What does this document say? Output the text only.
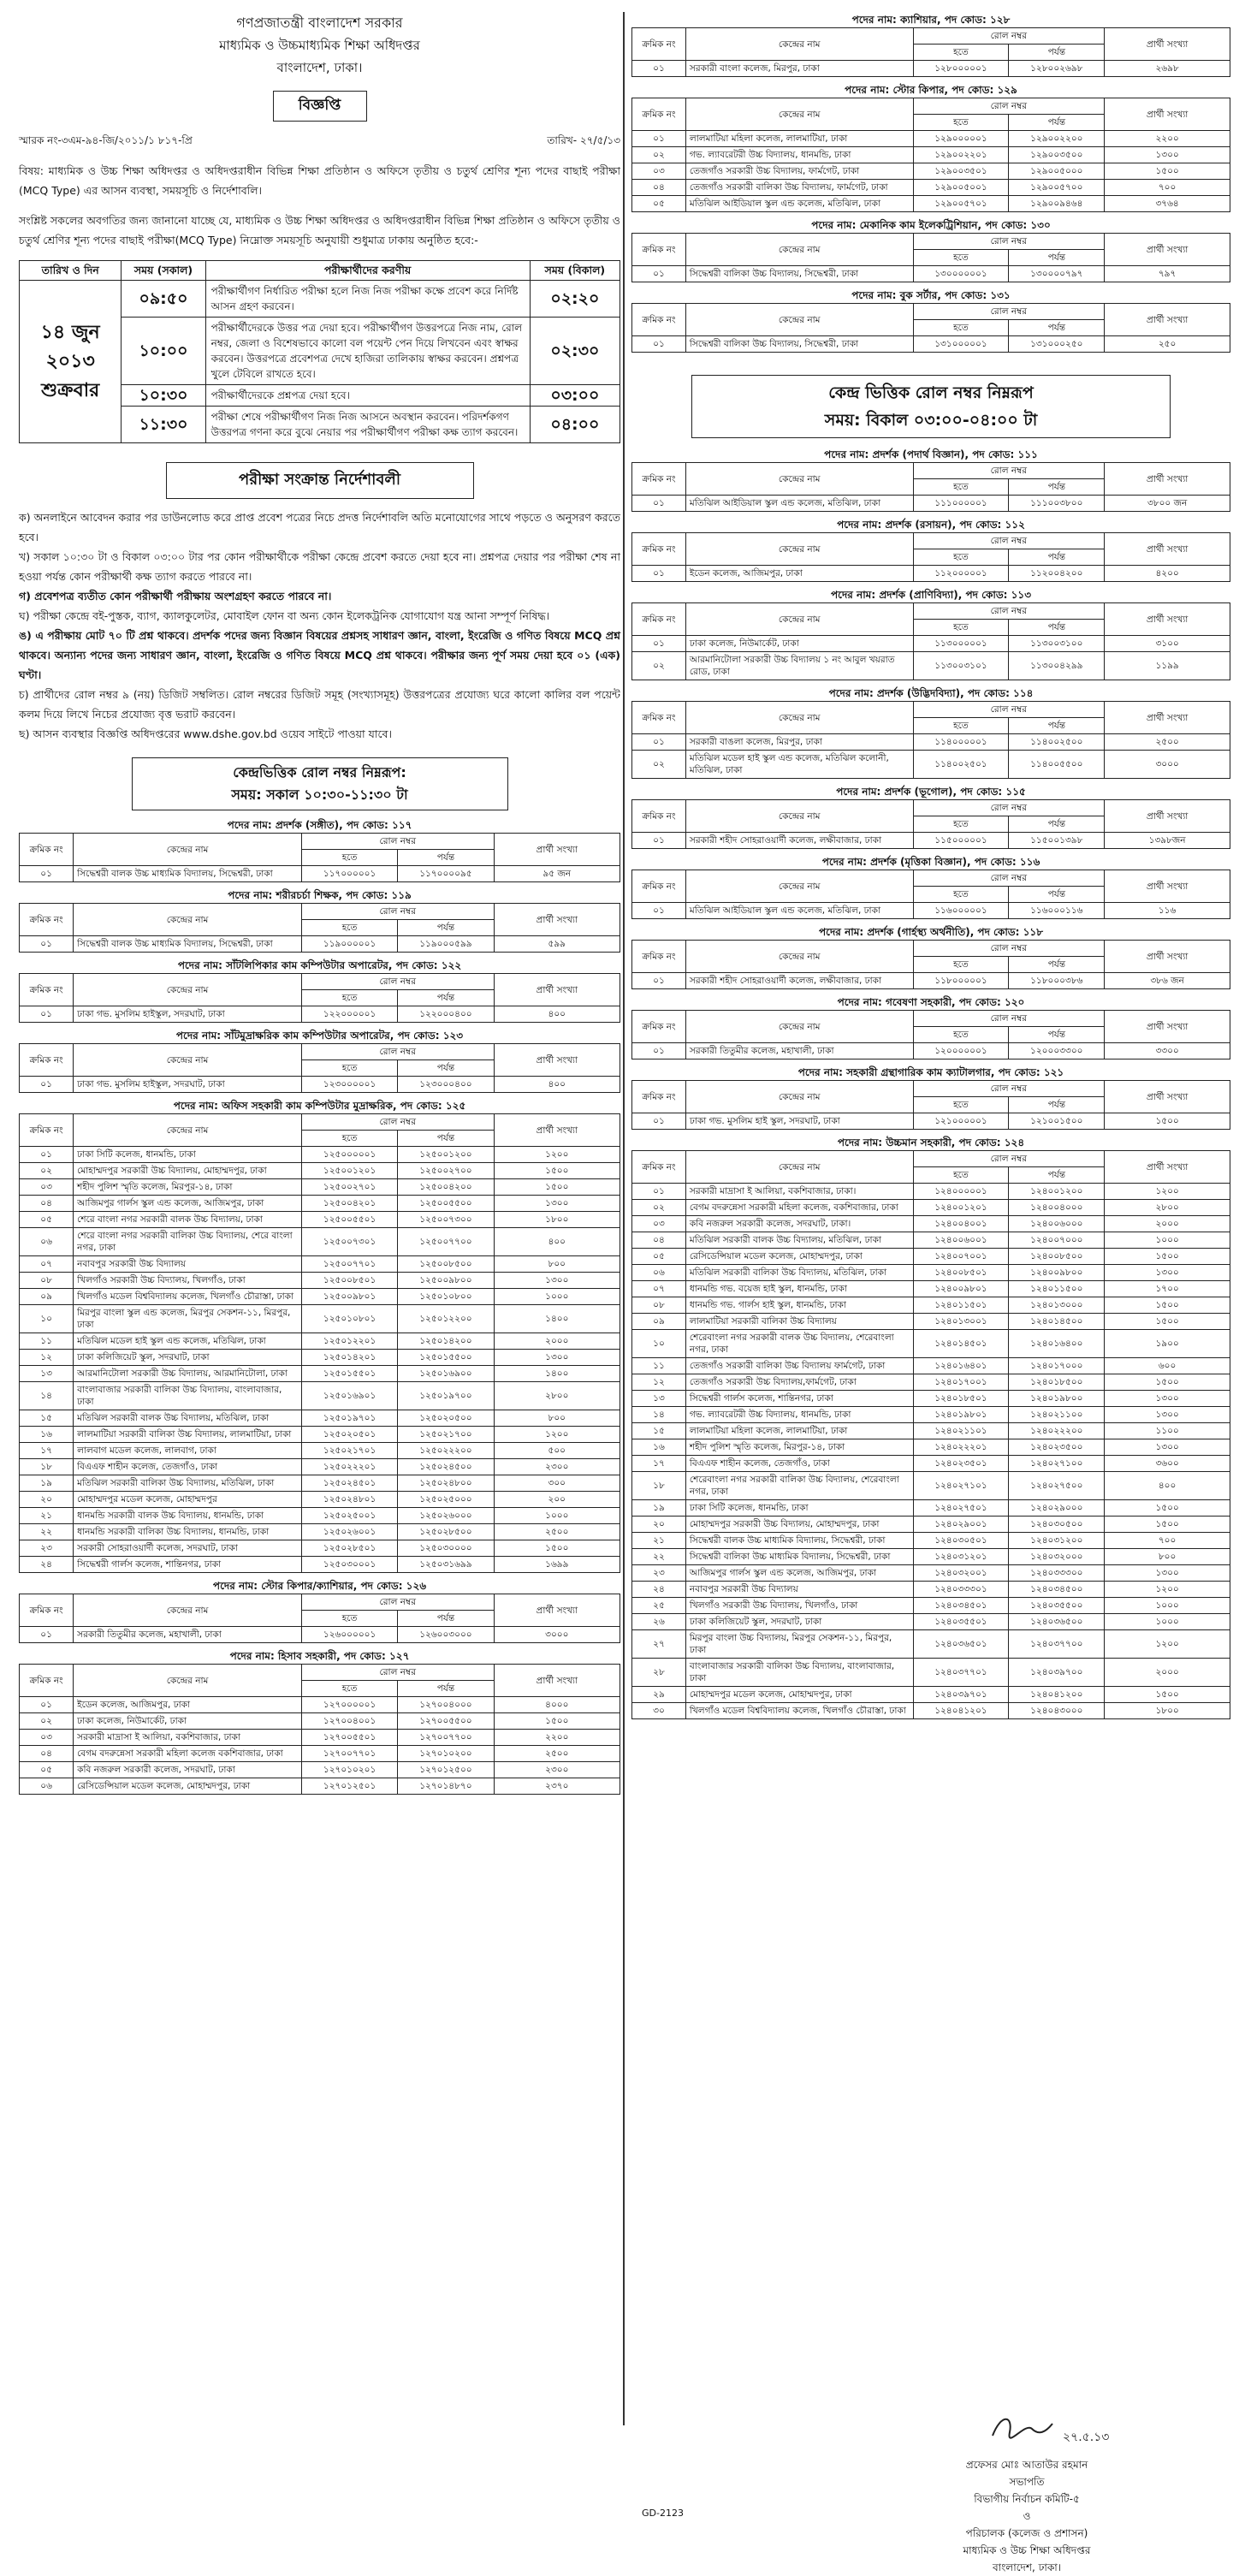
গণপ্রজাতন্ত্রী বাংলাদেশ সরকার
মাধ্যমিক ও উচ্চমাধ্যমিক শিক্ষা অধিদপ্তর
বাংলাদেশ, ঢাকা।
বিজ্ঞপ্তি
স্মারক নং-৩এম-৯৪-জি/২০১১/১ ৮১৭-প্রি	তারিখ- ২৭/৫/১৩

বিষয়: মাধ্যমিক ও উচ্চ শিক্ষা অধিদপ্তর ও অধিদপ্তরাধীন বিভিন্ন শিক্ষা প্রতিষ্ঠান ও অফিসে তৃতীয় ও চতুর্থ শ্রেণির শূন্য পদের বাছাই পরীক্ষা (MCQ Type) এর আসন ব্যবস্থা, সময়সূচি ও নির্দেশাবলি।

সংশ্লিষ্ট সকলের অবগতির জন্য জানানো যাচ্ছে যে, মাধ্যমিক ও উচ্চ শিক্ষা অধিদপ্তর ও অধিদপ্তরাধীন বিভিন্ন শিক্ষা প্রতিষ্ঠান ও অফিসে তৃতীয় ও চতুর্থ শ্রেণির শূন্য পদের বাছাই পরীক্ষা(MCQ Type) নিম্নোক্ত সময়সূচি অনুযায়ী শুধুমাত্র ঢাকায় অনুষ্ঠিত হবে:-

তারিখ ও দিন	সময় (সকাল)	পরীক্ষার্থীদের করণীয়	সময় (বিকাল)
১৪ জুন ২০১৩ শুক্রবার	০৯:৫০	পরীক্ষার্থীগণ নির্ধারিত পরীক্ষা হলে নিজ নিজ পরীক্ষা কক্ষে প্রবেশ করে নির্দিষ্ট আসন গ্রহণ করবেন।	০২:২০
	১০:০০	পরীক্ষার্থীদেরকে উত্তর পত্র দেয়া হবে। পরীক্ষার্থীগণ উত্তরপত্রে নিজ নাম, রোল নম্বর, জেলা ও বিশেষভাবে কালো বল পয়েন্ট পেন দিয়ে লিখবেন এবং স্বাক্ষর করবেন। উত্তরপত্রে প্রবেশপত্র দেখে হাজিরা তালিকায় স্বাক্ষর করবেন। প্রশ্নপত্র খুলে টেবিলে রাখতে হবে।	০২:৩০
	১০:৩০	পরীক্ষার্থীদেরকে প্রশ্নপত্র দেয়া হবে।	০৩:০০
	১১:৩০	পরীক্ষা শেষে পরীক্ষার্থীগণ নিজ নিজ আসনে অবস্থান করবেন। পরিদর্শকগণ উত্তরপত্র গণনা করে বুঝে নেয়ার পর পরীক্ষার্থীগণ পরীক্ষা কক্ষ ত্যাগ করবেন।	০৪:০০
পরীক্ষা সংক্রান্ত নির্দেশাবলী

ক) অনলাইনে আবেদন করার পর ডাউনলোড করে প্রাপ্ত প্রবেশ পত্রের নিচে প্রদত্ত নির্দেশাবলি অতি মনোযোগের সাথে পড়তে ও অনুসরণ করতে হবে।

খ) সকাল ১০:৩০ টা ও বিকাল ০৩:০০ টার পর কোন পরীক্ষার্থীকে পরীক্ষা কেন্দ্রে প্রবেশ করতে দেয়া হবে না। প্রশ্নপত্র দেয়ার পর পরীক্ষা শেষ না হওয়া পর্যন্ত কোন পরীক্ষার্থী কক্ষ ত্যাগ করতে পারবে না।

গ) প্রবেশপত্র ব্যতীত কোন পরীক্ষার্থী পরীক্ষায় অংশগ্রহণ করতে পারবে না।

ঘ) পরীক্ষা কেন্দ্রে বই-পুস্তক, ব্যাগ, ক্যালকুলেটর, মোবাইল ফোন বা অন্য কোন ইলেকট্রনিক যোগাযোগ যন্ত্র আনা সম্পূর্ণ নিষিদ্ধ।

ঙ) এ পরীক্ষায় মোট ৭০ টি প্রশ্ন থাকবে। প্রদর্শক পদের জন্য বিজ্ঞান বিষয়ের প্রশ্নসহ সাধারণ জ্ঞান, বাংলা, ইংরেজি ও গণিত বিষয়ে MCQ প্রশ্ন থাকবে। অন্যান্য পদের জন্য সাধারণ জ্ঞান, বাংলা, ইংরেজি ও গণিত বিষয়ে MCQ প্রশ্ন থাকবে। পরীক্ষার জন্য পূর্ণ সময় দেয়া হবে ০১ (এক) ঘণ্টা।

চ) প্রার্থীদের রোল নম্বর ৯ (নয়) ডিজিট সম্বলিত। রোল নম্বরের ডিজিট সমূহ (সংখ্যাসমূহ) উত্তরপত্রের প্রযোজ্য ঘরে কালো কালির বল পয়েন্ট কলম দিয়ে লিখে নিচের প্রযোজ্য বৃত্ত ভরাট করবেন।

ছ) আসন ব্যবস্থার বিজ্ঞপ্তি অধিদপ্তরের www.dshe.gov.bd ওয়েব সাইটে পাওয়া যাবে।

কেন্দ্রভিত্তিক রোল নম্বর নিম্নরূপ:
সময়: সকাল ১০:৩০-১১:৩০ টা
পদের নাম: প্রদর্শক (সঙ্গীত), পদ কোড: ১১৭
ক্রমিক নং	কেন্দ্রের নাম	রোল নম্বর		প্রার্থী সংখ্যা
		হতে	পর্যন্ত	
০১	সিদ্ধেশ্বরী বালক উচ্চ মাধ্যমিক বিদ্যালয়, সিদ্ধেশ্বরী, ঢাকা	১১৭০০০০০১	১১৭০০০০৯৫	৯৫ জন
পদের নাম: শরীরচর্চা শিক্ষক, পদ কোড: ১১৯
ক্রমিক নং	কেন্দ্রের নাম	রোল নম্বর		প্রার্থী সংখ্যা
		হতে	পর্যন্ত	
০১	সিদ্ধেশ্বরী বালক উচ্চ মাধ্যমিক বিদ্যালয়, সিদ্ধেশ্বরী, ঢাকা	১১৯০০০০০১	১১৯০০০৫৯৯	৫৯৯
পদের নাম: সাঁটলিপিকার কাম কম্পিউটার অপারেটর, পদ কোড: ১২২
ক্রমিক নং	কেন্দ্রের নাম	রোল নম্বর		প্রার্থী সংখ্যা
		হতে	পর্যন্ত	
০১	ঢাকা গভ. মুসলিম হাইস্কুল, সদরঘাট, ঢাকা	১২২০০০০০১	১২২০০০৪০০	৪০০
পদের নাম: সাঁটমুদ্রাক্ষরিক কাম কম্পিউটার অপারেটর, পদ কোড: ১২৩
ক্রমিক নং	কেন্দ্রের নাম	রোল নম্বর		প্রার্থী সংখ্যা
		হতে	পর্যন্ত	
০১	ঢাকা গভ. মুসলিম হাইস্কুল, সদরঘাট, ঢাকা	১২৩০০০০০১	১২৩০০০৪০০	৪০০
পদের নাম: অফিস সহকারী কাম কম্পিউটার মুদ্রাক্ষরিক, পদ কোড: ১২৫
ক্রমিক নং	কেন্দ্রের নাম	রোল নম্বর		প্রার্থী সংখ্যা
		হতে	পর্যন্ত	
০১	ঢাকা সিটি কলেজ, ধানমন্ডি, ঢাকা	১২৫০০০০০১	১২৫০০১২০০	১২০০
০২	মোহাম্মদপুর সরকারী উচ্চ বিদ্যালয়, মোহাম্মদপুর, ঢাকা	১২৫০০১২০১	১২৫০০২৭০০	১৫০০
০৩	শহীদ পুলিশ স্মৃতি কলেজ, মিরপুর-১৪, ঢাকা	১২৫০০২৭০১	১২৫০০৪২০০	১৫০০
০৪	আজিমপুর গার্লস স্কুল এন্ড কলেজ, আজিমপুর, ঢাকা	১২৫০০৪২০১	১২৫০০৫৫০০	১৩০০
০৫	শেরে বাংলা নগর সরকারী বালক উচ্চ বিদ্যালয়, ঢাকা	১২৫০০৫৫০১	১২৫০০৭৩০০	১৮০০
০৬	শেরে বাংলা নগর সরকারী বালিকা উচ্চ বিদ্যালয়, শেরে বাংলা নগর, ঢাকা	১২৫০০৭৩০১	১২৫০০৭৭০০	৪০০
০৭	নবাবপুর সরকারী উচ্চ বিদ্যালয়	১২৫০০৭৭০১	১২৫০০৮৫০০	৮০০
০৮	খিলগাঁও সরকারী উচ্চ বিদ্যালয়, খিলগাঁও, ঢাকা	১২৫০০৮৫০১	১২৫০০৯৮০০	১৩০০
০৯	খিলগাঁও মডেল বিশ্ববিদ্যালয় কলেজ, খিলগাঁও চৌরাস্তা, ঢাকা	১২৫০০৯৮০১	১২৫০১০৮০০	১০০০
১০	মিরপুর বাংলা স্কুল এন্ড কলেজ, মিরপুর সেকশন-১১, মিরপুর, ঢাকা	১২৫০১০৮০১	১২৫০১২২০০	১৪০০
১১	মতিঝিল মডেল হাই স্কুল এন্ড কলেজ, মতিঝিল, ঢাকা	১২৫০১২২০১	১২৫০১৪২০০	২০০০
১২	ঢাকা কলিজিয়েট স্কুল, সদরঘাট, ঢাকা	১২৫০১৪২০১	১২৫০১৫৫০০	১৩০০
১৩	আরমানিটোলা সরকারী উচ্চ বিদ্যালয়, আরমানিটোলা, ঢাকা	১২৫০১৫৫০১	১২৫০১৬৯০০	১৪০০
১৪	বাংলাবাজার সরকারী বালিকা উচ্চ বিদ্যালয়, বাংলাবাজার, ঢাকা	১২৫০১৬৯০১	১২৫০১৯৭০০	২৮০০
১৫	মতিঝিল সরকারী বালক উচ্চ বিদ্যালয়, মতিঝিল, ঢাকা	১২৫০১৯৭০১	১২৫০২০৫০০	৮০০
১৬	লালমাটিয়া সরকারী বালিকা উচ্চ বিদ্যালয়, লালমাটিয়া, ঢাকা	১২৫০২০৫০১	১২৫০২১৭০০	১২০০
১৭	লালবাগ মডেল কলেজ, লালবাগ, ঢাকা	১২৫০২১৭০১	১২৫০২২২০০	৫০০
১৮	বিএএফ শাহীন কলেজ, তেজগাঁও, ঢাকা	১২৫০২২২০১	১২৫০২৪৫০০	২৩০০
১৯	মতিঝিল সরকারী বালিকা উচ্চ বিদ্যালয়, মতিঝিল, ঢাকা	১২৫০২৪৫০১	১২৫০২৪৮০০	৩০০
২০	মোহাম্মদপুর মডেল কলেজ, মোহাম্মদপুর	১২৫০২৪৮০১	১২৫০২৫০০০	২০০
২১	ধানমন্ডি সরকারী বালক উচ্চ বিদ্যালয়, ধানমন্ডি, ঢাকা	১২৫০২৫০০১	১২৫০২৬০০০	১০০০
২২	ধানমন্ডি সরকারী বালিকা উচ্চ বিদ্যালয়, ধানমন্ডি, ঢাকা	১২৫০২৬০০১	১২৫০২৮৫০০	২৫০০
২৩	সরকারী সোহরাওয়ার্দী কলেজ, সদরঘাট, ঢাকা	১২৫০২৮৫০১	১২৫০৩০০০০	১৫০০
২৪	সিদ্ধেশ্বরী গার্লস কলেজ, শান্তিনগর, ঢাকা	১২৫০৩০০০১	১২৫০৩১৬৯৯	১৬৯৯
পদের নাম: স্টোর কিপার/ক্যাশিয়ার, পদ কোড: ১২৬
ক্রমিক নং	কেন্দ্রের নাম	রোল নম্বর		প্রার্থী সংখ্যা
		হতে	পর্যন্ত	
০১	সরকারী তিতুমীর কলেজ, মহাখালী, ঢাকা	১২৬০০০০০১	১২৬০০৩০০০	৩০০০
পদের নাম: হিসাব সহকারী, পদ কোড: ১২৭
ক্রমিক নং	কেন্দ্রের নাম	রোল নম্বর		প্রার্থী সংখ্যা
		হতে	পর্যন্ত	
০১	ইডেন কলেজ, আজিমপুর, ঢাকা	১২৭০০০০০১	১২৭০০৪০০০	৪০০০
০২	ঢাকা কলেজ, নিউমার্কেট, ঢাকা	১২৭০০৪০০১	১২৭০০৫৫০০	১৫০০
০৩	সরকারী মাদ্রাসা ই আলিয়া, বকশিবাজার, ঢাকা	১২৭০০৫৫০১	১২৭০০৭৭০০	২২০০
০৪	বেগম বদরুন্নেসা সরকারী মহিলা কলেজ বকশিবাজার, ঢাকা	১২৭০০৭৭০১	১২৭০১০২০০	২৫০০
০৫	কবি নজরুল সরকারী কলেজ, সদরঘাট, ঢাকা	১২৭০১০২০১	১২৭০১২৫০০	২৩০০
০৬	রেসিডেন্সিয়াল মডেল কলেজ, মোহাম্মদপুর, ঢাকা	১২৭০১২৫০১	১২৭০১৪৮৭০	২৩৭০
পদের নাম: ক্যাশিয়ার, পদ কোড: ১২৮
ক্রমিক নং	কেন্দ্রের নাম	রোল নম্বর		প্রার্থী সংখ্যা
		হতে	পর্যন্ত	
০১	সরকারী বাংলা কলেজ, মিরপুর, ঢাকা	১২৮০০০০০১	১২৮০০২৬৯৮	২৬৯৮
পদের নাম: স্টোর কিপার, পদ কোড: ১২৯
ক্রমিক নং	কেন্দ্রের নাম	রোল নম্বর		প্রার্থী সংখ্যা
		হতে	পর্যন্ত	
০১	লালমাটিয়া মহিলা কলেজ, লালমাটিয়া, ঢাকা	১২৯০০০০০১	১২৯০০২২০০	২২০০
০২	গভ. ল্যাবরেটরী উচ্চ বিদ্যালয়, ধানমন্ডি, ঢাকা	১২৯০০২২০১	১২৯০০৩৫০০	১৩০০
০৩	তেজগাঁও সরকারী উচ্চ বিদ্যালয়, ফার্মগেট, ঢাকা	১২৯০০৩৫০১	১২৯০০৫০০০	১৫০০
০৪	তেজগাঁও সরকারী বালিকা উচ্চ বিদ্যালয়, ফার্মগেট, ঢাকা	১২৯০০৫০০১	১২৯০০৫৭০০	৭০০
০৫	মতিঝিল আইডিয়াল স্কুল এন্ড কলেজ, মতিঝিল, ঢাকা	১২৯০০৫৭০১	১২৯০০৯৪৬৪	৩৭৬৪
পদের নাম: মেকানিক কাম ইলেকট্রিশিয়ান, পদ কোড: ১৩০
ক্রমিক নং	কেন্দ্রের নাম	রোল নম্বর		প্রার্থী সংখ্যা
		হতে	পর্যন্ত	
০১	সিদ্ধেশ্বরী বালিকা উচ্চ বিদ্যালয়, সিদ্ধেশ্বরী, ঢাকা	১৩০০০০০০১	১৩০০০০৭৯৭	৭৯৭
পদের নাম: বুক সর্টার, পদ কোড: ১৩১
ক্রমিক নং	কেন্দ্রের নাম	রোল নম্বর		প্রার্থী সংখ্যা
		হতে	পর্যন্ত	
০১	সিদ্ধেশ্বরী বালিকা উচ্চ বিদ্যালয়, সিদ্ধেশ্বরী, ঢাকা	১৩১০০০০০১	১৩১০০০২৫০	২৫০
কেন্দ্র ভিত্তিক রোল নম্বর নিম্নরূপ
সময়: বিকাল ০৩:০০-০৪:০০ টা
পদের নাম: প্রদর্শক (পদার্থ বিজ্ঞান), পদ কোড: ১১১
ক্রমিক নং	কেন্দ্রের নাম	রোল নম্বর		প্রার্থী সংখ্যা
		হতে	পর্যন্ত	
০১	মতিঝিল আইডিয়াল স্কুল এন্ড কলেজ, মতিঝিল, ঢাকা	১১১০০০০০১	১১১০০৩৮০০	৩৮০০ জন
পদের নাম: প্রদর্শক (রসায়ন), পদ কোড: ১১২
ক্রমিক নং	কেন্দ্রের নাম	রোল নম্বর		প্রার্থী সংখ্যা
		হতে	পর্যন্ত	
০১	ইডেন কলেজ, আজিমপুর, ঢাকা	১১২০০০০০১	১১২০০৪২০০	৪২০০
পদের নাম: প্রদর্শক (প্রাণিবিদ্যা), পদ কোড: ১১৩
ক্রমিক নং	কেন্দ্রের নাম	রোল নম্বর		প্রার্থী সংখ্যা
		হতে	পর্যন্ত	
০১	ঢাকা কলেজ, নিউমার্কেট, ঢাকা	১১৩০০০০০১	১১৩০০৩১০০	৩১০০
০২	আরমানিটোলা সরকারী উচ্চ বিদ্যালয় ১ নং আবুল খয়রাত রোড, ঢাকা	১১৩০০৩১০১	১১৩০০৪২৯৯	১১৯৯
পদের নাম: প্রদর্শক (উদ্ভিদবিদ্যা), পদ কোড: ১১৪
ক্রমিক নং	কেন্দ্রের নাম	রোল নম্বর		প্রার্থী সংখ্যা
		হতে	পর্যন্ত	
০১	সরকারী বাঙলা কলেজ, মিরপুর, ঢাকা	১১৪০০০০০১	১১৪০০২৫০০	২৫০০
০২	মতিঝিল মডেল হাই স্কুল এন্ড কলেজ, মতিঝিল কলোনী, মতিঝিল, ঢাকা	১১৪০০২৫০১	১১৪০০৫৫০০	৩০০০
পদের নাম: প্রদর্শক (ভূগোল), পদ কোড: ১১৫
ক্রমিক নং	কেন্দ্রের নাম	রোল নম্বর		প্রার্থী সংখ্যা
		হতে	পর্যন্ত	
০১	সরকারী শহীদ সোহরাওয়ার্দী কলেজ, লক্ষীবাজার, ঢাকা	১১৫০০০০০১	১১৫০০১৩৯৮	১৩৯৮জন
পদের নাম: প্রদর্শক (মৃত্তিকা বিজ্ঞান), পদ কোড: ১১৬
ক্রমিক নং	কেন্দ্রের নাম	রোল নম্বর		প্রার্থী সংখ্যা
		হতে	পর্যন্ত	
০১	মতিঝিল আইডিয়াল স্কুল এন্ড কলেজ, মতিঝিল, ঢাকা	১১৬০০০০০১	১১৬০০০১১৬	১১৬
পদের নাম: প্রদর্শক (গার্হস্থ্য অর্থনীতি), পদ কোড: ১১৮
ক্রমিক নং	কেন্দ্রের নাম	রোল নম্বর		প্রার্থী সংখ্যা
		হতে	পর্যন্ত	
০১	সরকারী শহীদ সোহরাওয়ার্দী কলেজ, লক্ষীবাজার, ঢাকা	১১৮০০০০০১	১১৮০০০৩৮৬	৩৮৬ জন
পদের নাম: গবেষণা সহকারী, পদ কোড: ১২০
ক্রমিক নং	কেন্দ্রের নাম	রোল নম্বর		প্রার্থী সংখ্যা
		হতে	পর্যন্ত	
০১	সরকারী তিতুমীর কলেজ, মহাখালী, ঢাকা	১২০০০০০০১	১২০০০৩৩০০	৩৩০০
পদের নাম: সহকারী গ্রন্থাগারিক কাম ক্যাটালগার, পদ কোড: ১২১
ক্রমিক নং	কেন্দ্রের নাম	রোল নম্বর		প্রার্থী সংখ্যা
		হতে	পর্যন্ত	
০১	ঢাকা গভ. মুসলিম হাই স্কুল, সদরঘাট, ঢাকা	১২১০০০০০১	১২১০০১৫০০	১৫০০
পদের নাম: উচ্চমান সহকারী, পদ কোড: ১২৪
ক্রমিক নং	কেন্দ্রের নাম	রোল নম্বর		প্রার্থী সংখ্যা
		হতে	পর্যন্ত	
০১	সরকারী মাদ্রাসা ই আলিয়া, বকশিবাজার, ঢাকা।	১২৪০০০০০১	১২৪০০১২০০	১২০০
০২	বেগম বদরুন্নেসা সরকারী মহিলা কলেজ, বকশিবাজার, ঢাকা	১২৪০০১২০১	১২৪০০৪০০০	২৮০০
০৩	কবি নজরুল সরকারী কলেজ, সদরঘাট, ঢাকা।	১২৪০০৪০০১	১২৪০০৬০০০	২০০০
০৪	মতিঝিল সরকারী বালক উচ্চ বিদ্যালয়, মতিঝিল, ঢাকা	১২৪০০৬০০১	১২৪০০৭০০০	১০০০
০৫	রেসিডেন্সিয়াল মডেল কলেজ, মোহাম্মদপুর, ঢাকা	১২৪০০৭০০১	১২৪০০৮৫০০	১৫০০
০৬	মতিঝিল সরকারী বালিকা উচ্চ বিদ্যালয়, মতিঝিল, ঢাকা	১২৪০০৮৫০১	১২৪০০৯৮০০	১৩০০
০৭	ধানমন্ডি গভ. বয়েজ হাই স্কুল, ধানমন্ডি, ঢাকা	১২৪০০৯৮০১	১২৪০১১৫০০	১৭০০
০৮	ধানমন্ডি গভ. গার্লস হাই স্কুল, ধানমন্ডি, ঢাকা	১২৪০১১৫০১	১২৪০১৩০০০	১৫০০
০৯	লালমাটিয়া সরকারী বালিকা উচ্চ বিদ্যালয়	১২৪০১৩০০১	১২৪০১৪৫০০	১৫০০
১০	শেরেবাংলা নগর সরকারী বালক উচ্চ বিদ্যালয়, শেরেবাংলা নগর, ঢাকা	১২৪০১৪৫০১	১২৪০১৬৪০০	১৯০০
১১	তেজগাঁও সরকারী বালিকা উচ্চ বিদ্যালয় ফার্মগেট, ঢাকা	১২৪০১৬৪০১	১২৪০১৭০০০	৬০০
১২	তেজগাঁও সরকারী উচ্চ বিদ্যালয়,ফার্মগেট, ঢাকা	১২৪০১৭০০১	১২৪০১৮৫০০	১৫০০
১৩	সিদ্ধেশ্বরী গার্লস কলেজ, শান্তিনগর, ঢাকা	১২৪০১৮৫০১	১২৪০১৯৮০০	১৩০০
১৪	গভ. ল্যাবরেটরী উচ্চ বিদ্যালয়, ধানমন্ডি, ঢাকা	১২৪০১৯৮০১	১২৪০২১১০০	১৩০০
১৫	লালমাটিয়া মহিলা কলেজ, লালমাটিয়া, ঢাকা	১২৪০২১১০১	১২৪০২২২০০	১১০০
১৬	শহীদ পুলিশ স্মৃতি কলেজ, মিরপুর-১৪, ঢাকা	১২৪০২২২০১	১২৪০২৩৫০০	১৩০০
১৭	বিএএফ শাহীন কলেজ, তেজগাঁও, ঢাকা	১২৪০২৩৫০১	১২৪০২৭১০০	৩৬০০
১৮	শেরেবাংলা নগর সরকারী বালিকা উচ্চ বিদ্যালয়, শেরেবাংলা নগর, ঢাকা	১২৪০২৭১০১	১২৪০২৭৫০০	৪০০
১৯	ঢাকা সিটি কলেজ, ধানমন্ডি, ঢাকা	১২৪০২৭৫০১	১২৪০২৯০০০	১৫০০
২০	মোহাম্মদপুর সরকারী উচ্চ বিদ্যালয়, মোহাম্মদপুর, ঢাকা	১২৪০২৯০০১	১২৪০৩০৫০০	১৫০০
২১	সিদ্ধেশ্বরী বালক উচ্চ মাধ্যমিক বিদ্যালয়, সিদ্ধেশ্বরী, ঢাকা	১২৪০৩০৫০১	১২৪০৩১২০০	৭০০
২২	সিদ্ধেশ্বরী বালিকা উচ্চ মাধ্যমিক বিদ্যালয়, সিদ্ধেশ্বরী, ঢাকা	১২৪০৩১২০১	১২৪০৩২০০০	৮০০
২৩	আজিমপুর গার্লস স্কুল এন্ড কলেজ, আজিমপুর, ঢাকা	১২৪০৩২০০১	১২৪০৩৩৩০০	১৩০০
২৪	নবাবপুর সরকারী উচ্চ বিদ্যালয়	১২৪০৩৩৩০১	১২৪০৩৪৫০০	১২০০
২৫	খিলগাঁও সরকারী উচ্চ বিদ্যালয়, খিলগাঁও, ঢাকা	১২৪০৩৪৫০১	১২৪০৩৫৫০০	১০০০
২৬	ঢাকা কলিজিয়েট স্কুল, সদরঘাট, ঢাকা	১২৪০৩৫৫০১	১২৪০৩৬৫০০	১০০০
২৭	মিরপুর বাংলা উচ্চ বিদ্যালয়, মিরপুর সেকশন-১১, মিরপুর, ঢাকা	১২৪০৩৬৫০১	১২৪০৩৭৭০০	১২০০
২৮	বাংলাবাজার সরকারী বালিকা উচ্চ বিদ্যালয়, বাংলাবাজার, ঢাকা	১২৪০৩৭৭০১	১২৪০৩৯৭০০	২০০০
২৯	মোহাম্মদপুর মডেল কলেজ, মোহাম্মদপুর, ঢাকা	১২৪০৩৯৭০১	১২৪০৪১২০০	১৫০০
৩০	খিলগাঁও মডেল বিশ্ববিদ্যালয় কলেজ, খিলগাঁও চৌরাস্তা, ঢাকা	১২৪০৪১২০১	১২৪০৪৩০০০	১৮০০
২৭.৫.১৩
প্রফেসর মোঃ আতাউর রহমান
সভাপতি
বিভাগীয় নির্বাচন কমিটি-৫
ও
পরিচালক (কলেজ ও প্রশাসন)
মাধ্যমিক ও উচ্চ শিক্ষা অধিদপ্তর
বাংলাদেশ, ঢাকা।
GD-2123
